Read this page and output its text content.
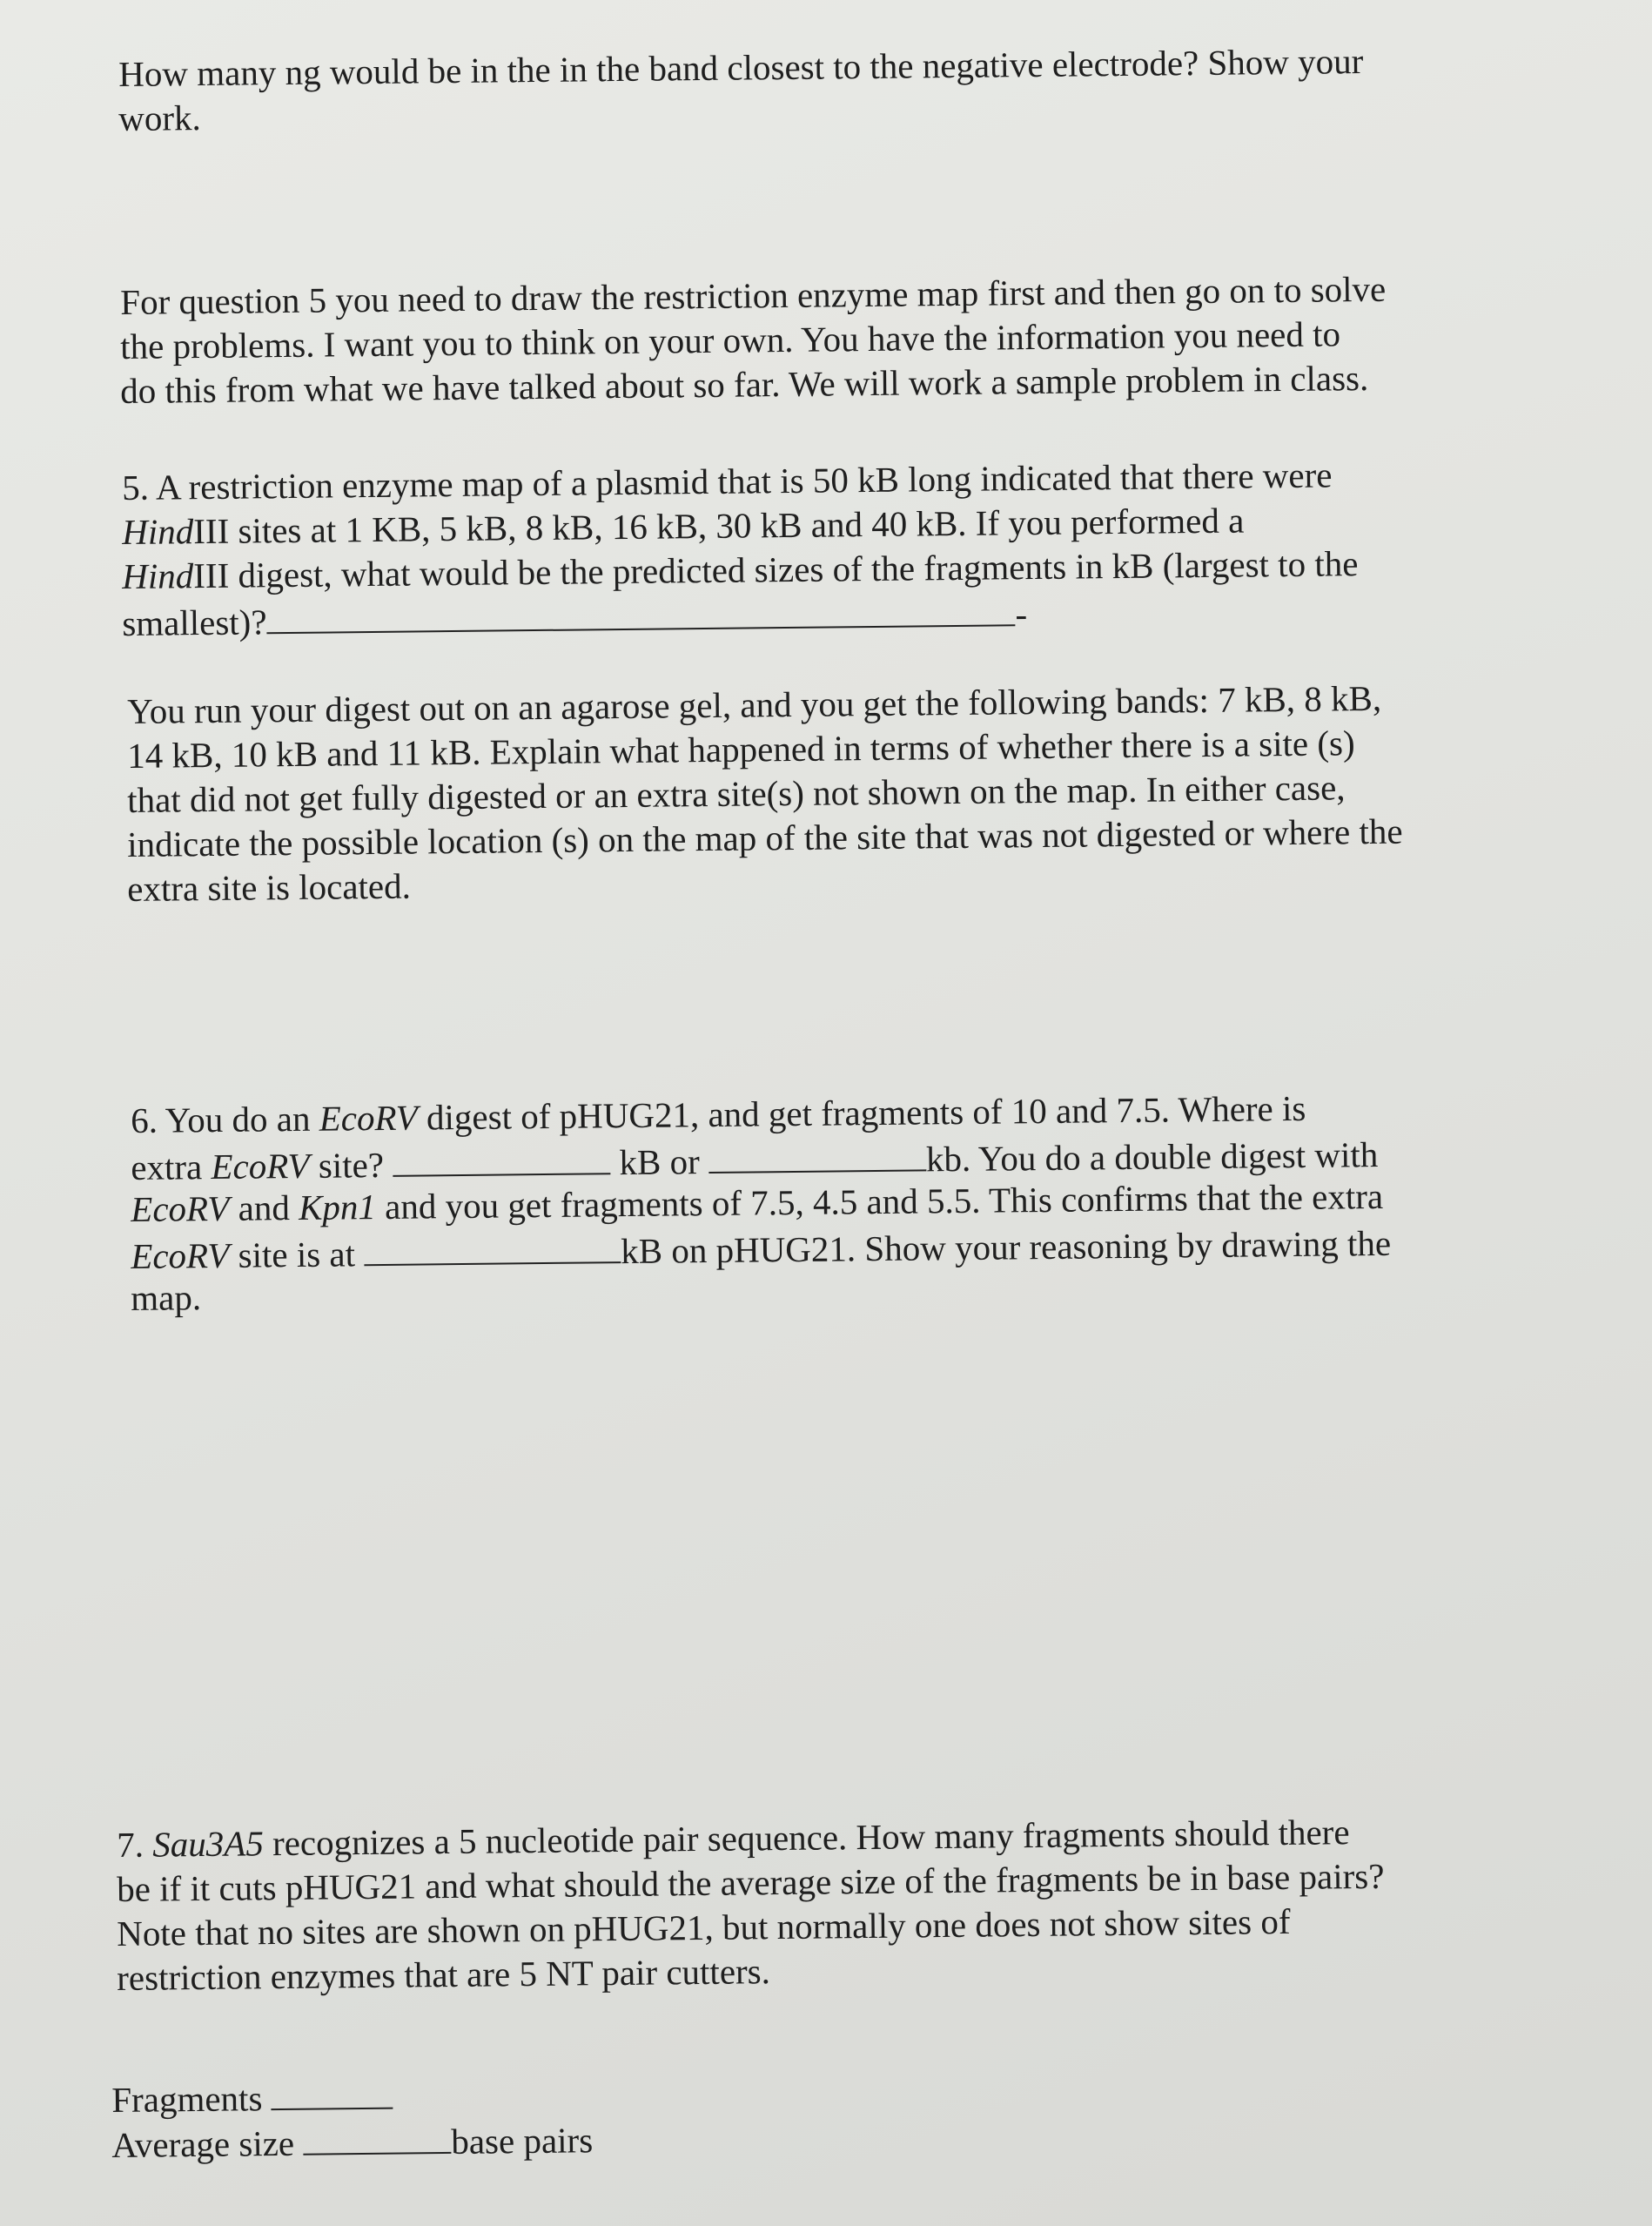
How many ng would be in the in the band closest to the negative electrode? Show your

work.

For question 5 you need to draw the restriction enzyme map first and then go on to solve

the problems. I want you to think on your own. You have the information you need to

do this from what we have talked about so far. We will work a sample problem in class.

5. A restriction enzyme map of a plasmid that is 50 kB long indicated that there were

HindIII sites at 1 KB, 5 kB, 8 kB, 16 kB, 30 kB and 40 kB. If you performed a

HindIII digest, what would be the predicted sizes of the fragments in kB (largest to the

smallest)?	-

You run your digest out on an agarose gel, and you get the following bands: 7 kB, 8 kB,

14 kB, 10 kB and 11 kB. Explain what happened in terms of whether there is a site (s)

that did not get fully digested or an extra site(s) not shown on the map. In either case,

indicate the possible location (s) on the map of the site that was not digested or where the

extra site is located.

6. You do an EcoRV digest of pHUG21, and get fragments of 10 and 7.5. Where is

extra EcoRV site?	kB or	kb. You do a double digest with

EcoRV and Kpn1 and you get fragments of 7.5, 4.5 and 5.5. This confirms that the extra

EcoRV site is at	kB on pHUG21. Show your reasoning by drawing the

map.

7. Sau3A5 recognizes a 5 nucleotide pair sequence. How many fragments should there

be if it cuts pHUG21 and what should the average size of the fragments be in base pairs?

Note that no sites are shown on pHUG21, but normally one does not show sites of

restriction enzymes that are 5 NT pair cutters.

Fragments

Average size	base pairs
